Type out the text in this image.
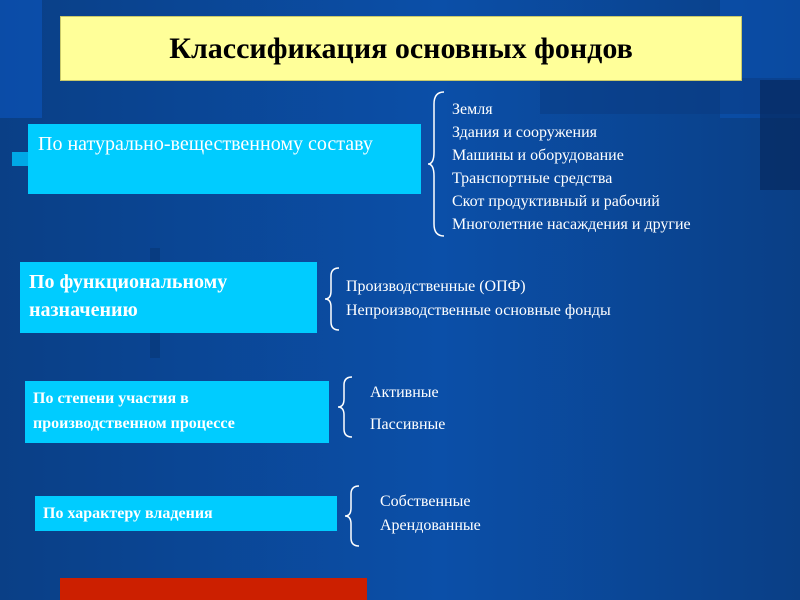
Классификация основных фондов
По натурально-вещественному составу
Земля
Здания и сооружения
Машины и оборудование
Транспортные средства
Скот продуктивный и рабочий
Многолетние насаждения и другие
По функциональному назначению
Производственные (ОПФ)
Непроизводственные основные фонды
По степени участия в производственном процессе
Активные
Пассивные
По характеру владения
Собственные
Арендованные
